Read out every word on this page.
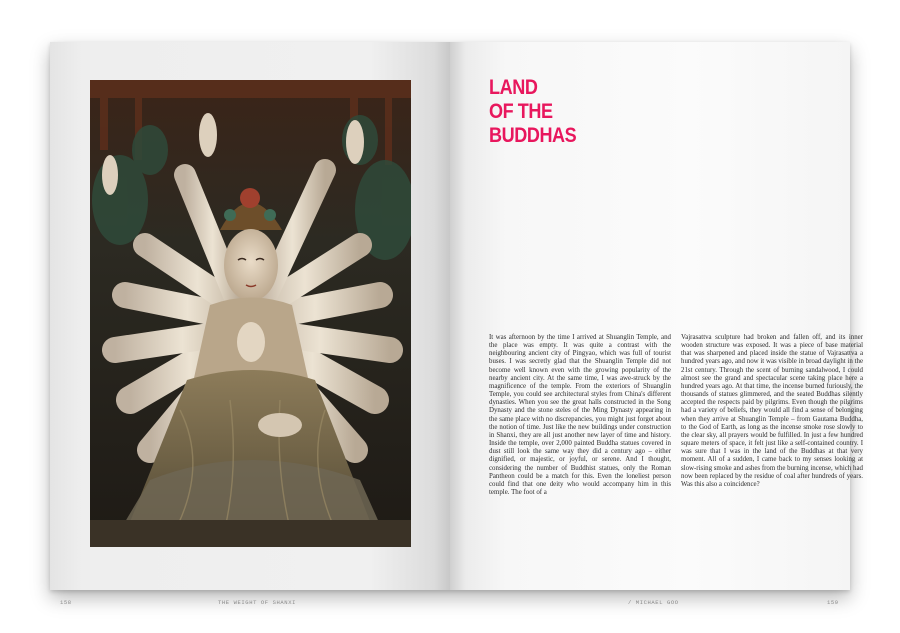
158	THE WEIGHT OF SHANXI	/ MICHAEL GOO	159
LAND
OF THE
BUDDHAS

It was afternoon by the time I arrived at Shuanglin Temple, and the place was empty. It was quite a contrast with the neighbouring ancient city of Pingyao, which was full of tourist buses. I was secretly glad that the Shuanglin Temple did not become well known even with the growing popularity of the nearby ancient city. At the same time, I was awe-struck by the magnificence of the temple. From the exteriors of Shuanglin Temple, you could see architectural styles from China's different dynasties. When you see the great halls constructed in the Song Dynasty and the stone steles of the Ming Dynasty appearing in the same place with no discrepancies, you might just forget about the notion of time. Just like the new buildings under construction in Shanxi, they are all just another new layer of time and history. Inside the temple, over 2,000 painted Buddha statues covered in dust still look the same way they did a century ago – either dignified, or majestic, or joyful, or serene. And I thought, considering the number of Buddhist statues, only the Roman Pantheon could be a match for this. Even the loneliest person could find that one deity who would accompany him in this temple. The foot of a

Vajrasattva sculpture had broken and fallen off, and its inner wooden structure was exposed. It was a piece of base material that was sharpened and placed inside the statue of Vajrasattva a hundred years ago, and now it was visible in broad daylight in the 21st century. Through the scent of burning sandalwood, I could almost see the grand and spectacular scene taking place here a hundred years ago. At that time, the incense burned furiously, the thousands of statues glimmered, and the seated Buddhas silently accepted the respects paid by pilgrims. Even though the pilgrims had a variety of beliefs, they would all find a sense of belonging when they arrive at Shuanglin Temple – from Gautama Buddha, to the God of Earth, as long as the incense smoke rose slowly to the clear sky, all prayers would be fulfilled. In just a few hundred square meters of space, it felt just like a self-contained country. I was sure that I was in the land of the Buddhas at that very moment. All of a sudden, I came back to my senses looking at slow-rising smoke and ashes from the burning incense, which had now been replaced by the residue of coal after hundreds of years. Was this also a coincidence?
